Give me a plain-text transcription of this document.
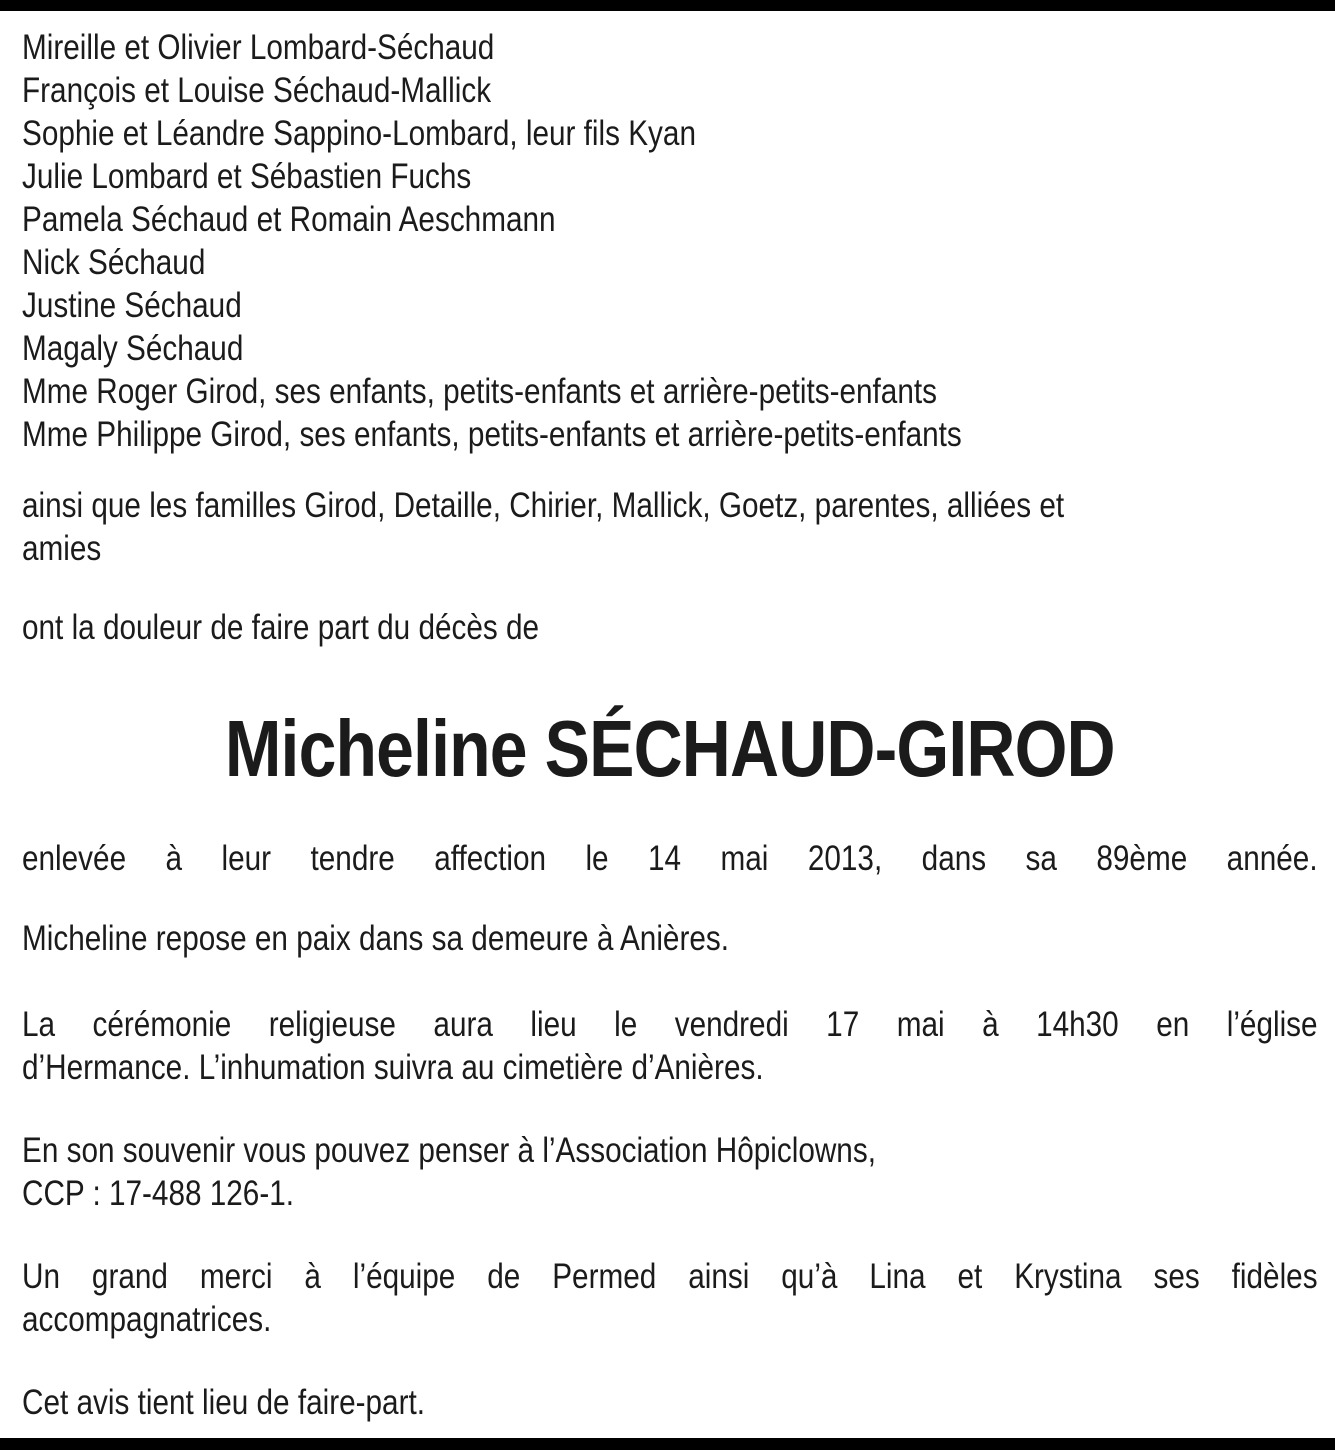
Mireille et Olivier Lombard-Séchaud
François et Louise Séchaud-Mallick
Sophie et Léandre Sappino-Lombard, leur fils Kyan
Julie Lombard et Sébastien Fuchs
Pamela Séchaud et Romain Aeschmann
Nick Séchaud
Justine Séchaud
Magaly Séchaud
Mme Roger Girod, ses enfants, petits-enfants et arrière-petits-enfants
Mme Philippe Girod, ses enfants, petits-enfants et arrière-petits-enfants
ainsi que les familles Girod, Detaille, Chirier, Mallick, Goetz, parentes, alliées et
amies
ont la douleur de faire part du décès de
Micheline SÉCHAUD-GIROD
enlevée à leur tendre affection le 14 mai 2013, dans sa 89ème année.
Micheline repose en paix dans sa demeure à Anières.
La cérémonie religieuse aura lieu le vendredi 17 mai à 14h30 en l’église
d’Hermance. L’inhumation suivra au cimetière d’Anières.
En son souvenir vous pouvez penser à l’Association Hôpiclowns,
CCP : 17-488 126-1.
Un grand merci à l’équipe de Permed ainsi qu’à Lina et Krystina ses fidèles
accompagnatrices.
Cet avis tient lieu de faire-part.
